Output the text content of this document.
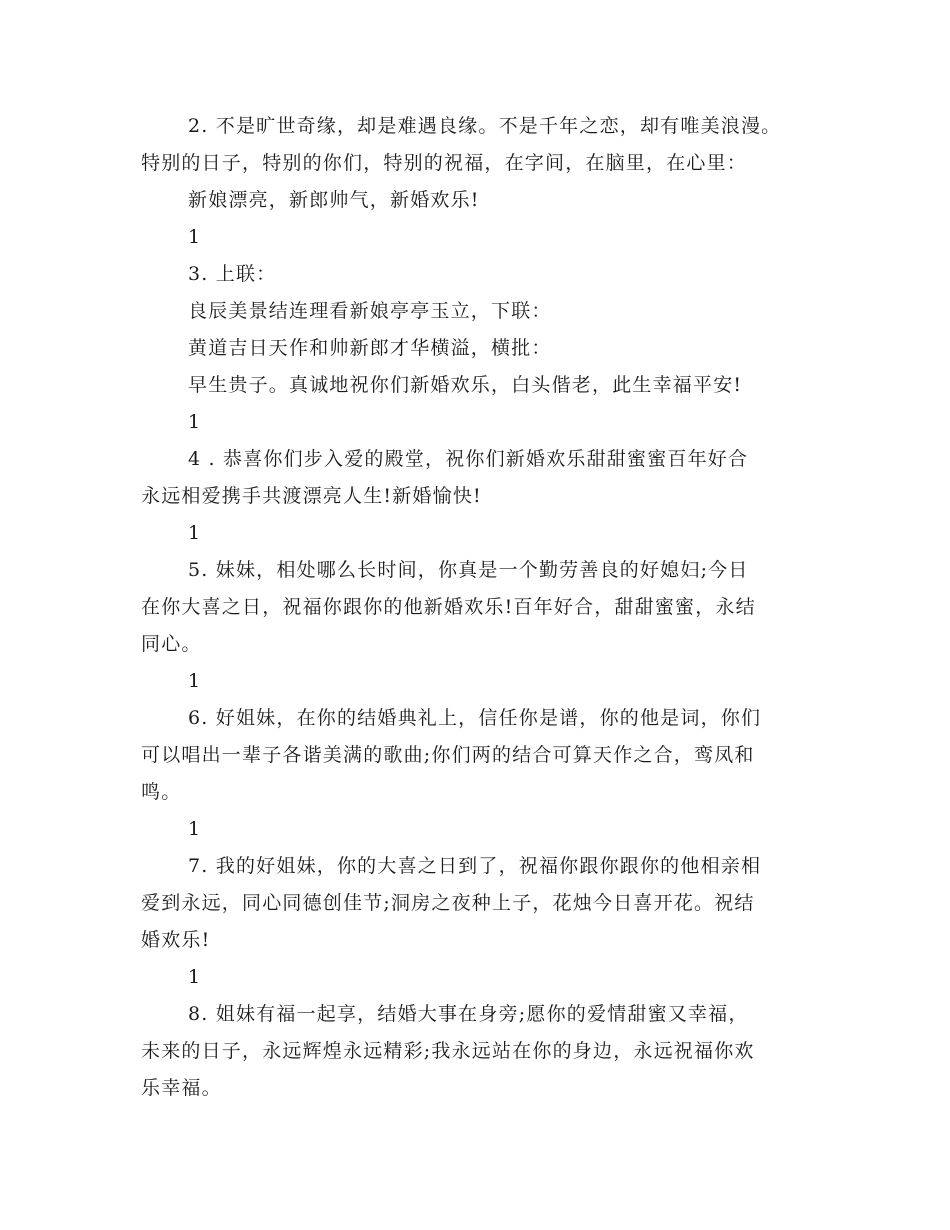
2. 不是旷世奇缘，却是难遇良缘。不是千年之恋，却有唯美浪漫。
特别的日子，特别的你们，特别的祝福，在字间，在脑里，在心里：
新娘漂亮，新郎帅气，新婚欢乐!
1
3. 上联：
良辰美景结连理看新娘亭亭玉立，下联：
黄道吉日天作和帅新郎才华横溢，横批：
早生贵子。真诚地祝你们新婚欢乐，白头偕老，此生幸福平安!
1
4 . 恭喜你们步入爱的殿堂，祝你们新婚欢乐甜甜蜜蜜百年好合
永远相爱携手共渡漂亮人生!新婚愉快!
1
5. 妹妹，相处哪么长时间，你真是一个勤劳善良的好媳妇;今日
在你大喜之日，祝福你跟你的他新婚欢乐!百年好合，甜甜蜜蜜，永结
同心。
1
6. 好姐妹，在你的结婚典礼上，信任你是谱，你的他是词，你们
可以唱出一辈子各谐美满的歌曲;你们两的结合可算天作之合，鸾凤和
鸣。
1
7. 我的好姐妹，你的大喜之日到了，祝福你跟你跟你的他相亲相
爱到永远，同心同德创佳节;洞房之夜种上子，花烛今日喜开花。祝结
婚欢乐!
1
8. 姐妹有福一起享，结婚大事在身旁;愿你的爱情甜蜜又幸福，
未来的日子，永远辉煌永远精彩;我永远站在你的身边，永远祝福你欢
乐幸福。
